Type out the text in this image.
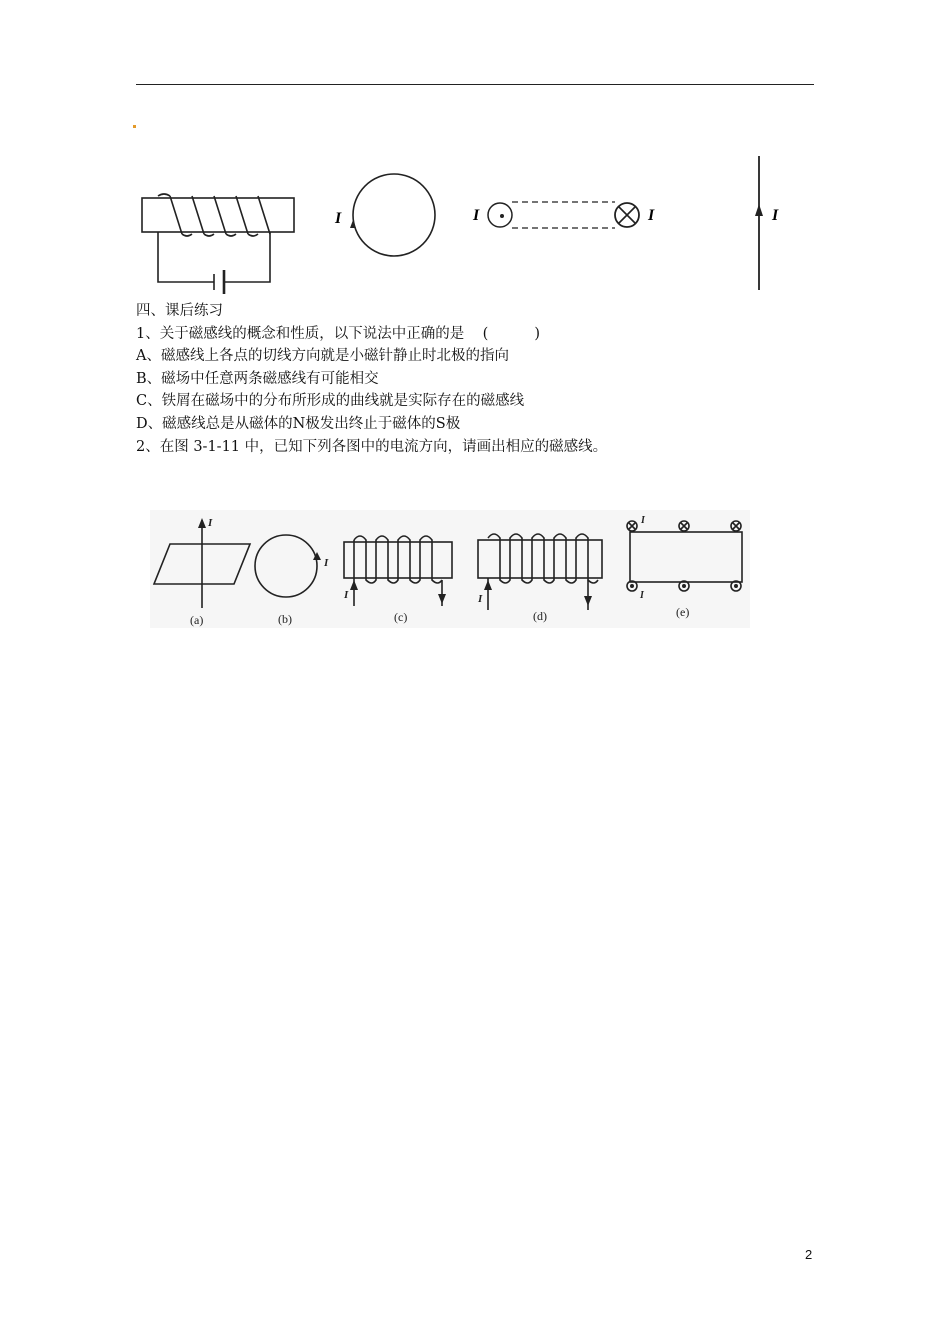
I	I	I	I
四、课后练习
1、关于磁感线的概念和性质，以下说法中正确的是 (          )
A、磁感线上各点的切线方向就是小磁针静止时北极的指向
B、磁场中任意两条磁感线有可能相交
C、铁屑在磁场中的分布所形成的曲线就是实际存在的磁感线
D、磁感线总是从磁体的N极发出终止于磁体的S极
2、在图 3-1-11 中，已知下列各图中的电流方向，请画出相应的磁感线。
I
(a)
I
(b)
I
(c)
I
(d)
I
I
(e)
2
